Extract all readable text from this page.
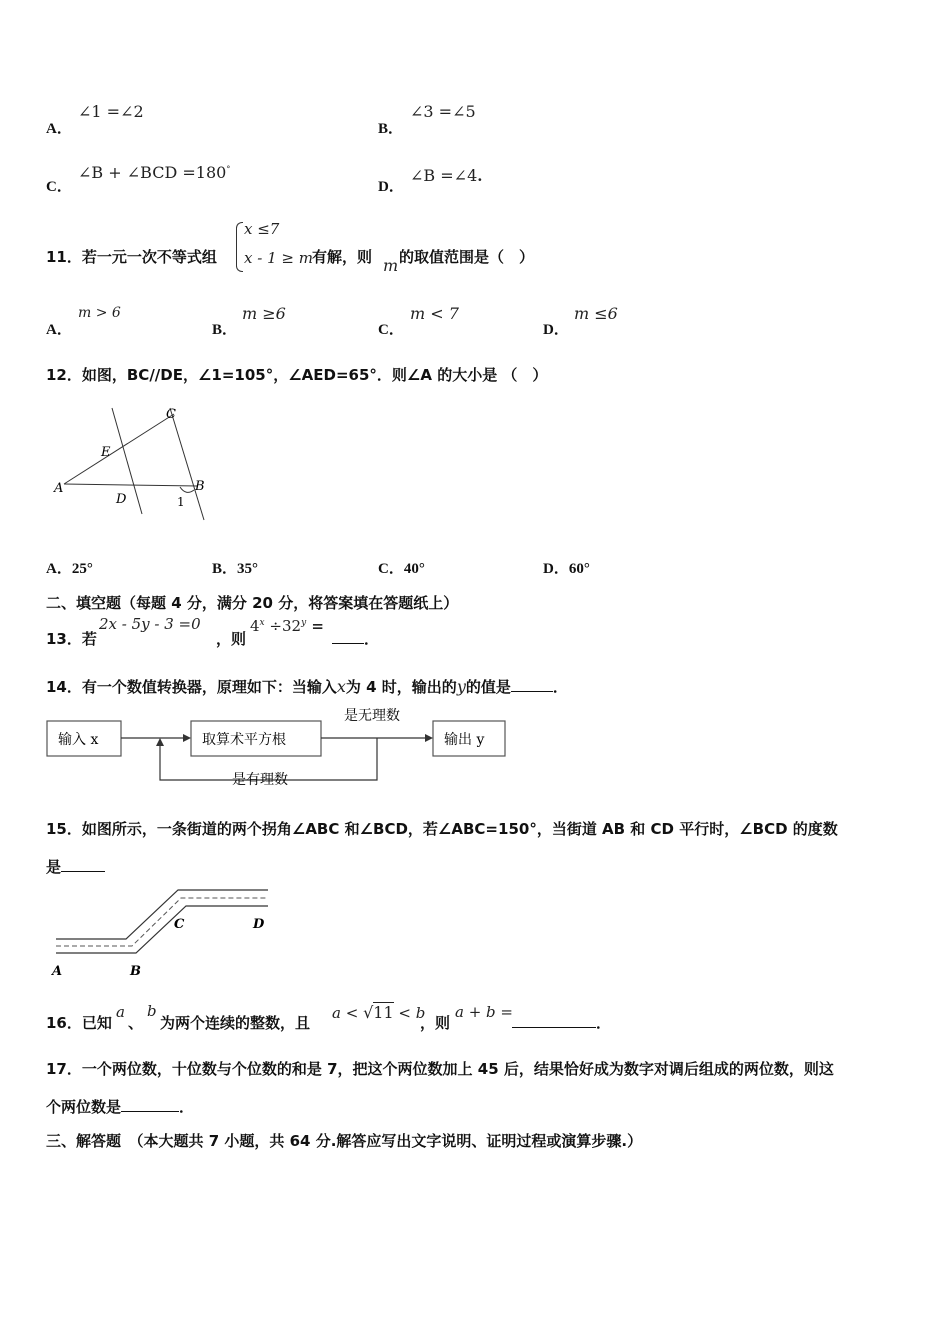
A．
∠1 =∠2
B．
∠3 =∠5
C．
∠B + ∠BCD =180°
D．
∠B =∠4.
11．若一元一次不等式组
x ≤7
x - 1 ≥ m 有解，则 m 的取值范围是（　）
A．
m > 6
B．
m ≥6
C．
m < 7
D．
m ≤6
12．如图，BC//DE，∠1=105°，∠AED=65°．则∠A 的大小是 （　）
A	B
C
D
E
1
A．25°	B．35°	C．40°	D．60°
二、填空题（每题 4 分，满分 20 分，将答案填在答题纸上）
13．若
2x - 5y - 3 =0
，则
$4^x \div 32^y$ =
．
14．有一个数值转换器，原理如下：当输入x为 4 时，输出的y的值是	．
输入 x	取算术平方根	输出 y
是无理数
是有理数
15．如图所示，一条街道的两个拐角∠ABC 和∠BCD，若∠ABC=150°，当街道 AB 和 CD 平行时，∠BCD 的度数
是
A	B
C	D
16．已知
a
、
b
为两个连续的整数，且
a < √11 < b
，则
a + b =
．
17．一个两位数，十位数与个位数的和是 7，把这个两位数加上 45 后，结果恰好成为数字对调后组成的两位数，则这
个两位数是	．
三、解答题　（本大题共 7 小题，共 64 分.解答应写出文字说明、证明过程或演算步骤.）
